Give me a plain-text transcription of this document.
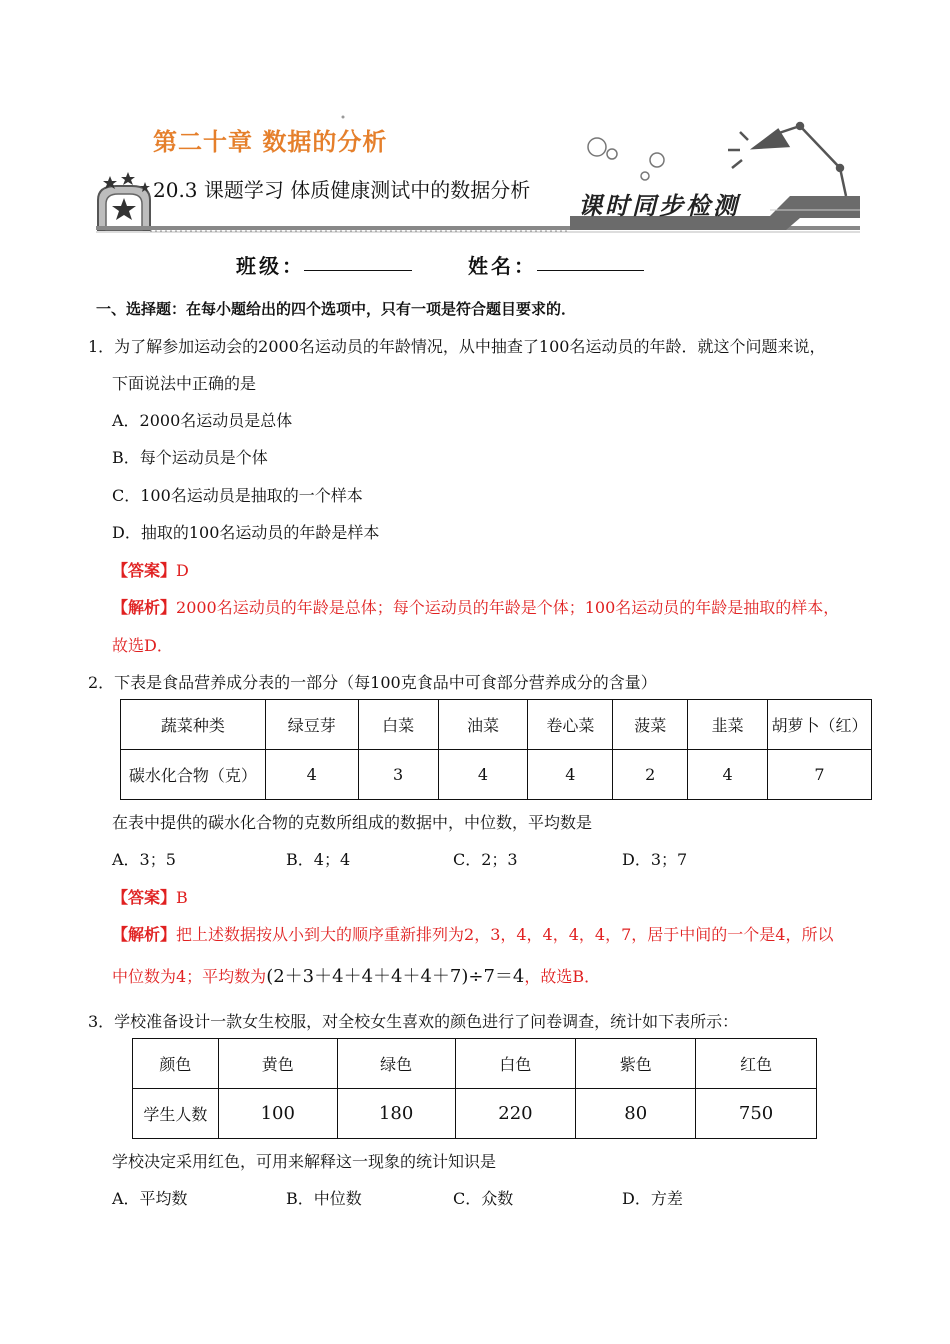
第二十章 数据的分析
20.3 课题学习 体质健康测试中的数据分析
课时同步检测
班级：	姓名：
一、选择题：在每小题给出的四个选项中，只有一项是符合题目要求的．
1．为了解参加运动会的2000名运动员的年龄情况，从中抽查了100名运动员的年龄．就这个问题来说，
下面说法中正确的是
A．2000名运动员是总体
B．每个运动员是个体
C．100名运动员是抽取的一个样本
D．抽取的100名运动员的年龄是样本
【答案】D
【解析】2000名运动员的年龄是总体；每个运动员的年龄是个体；100名运动员的年龄是抽取的样本，
故选D．
2．下表是食品营养成分表的一部分（每100克食品中可食部分营养成分的含量）
蔬菜种类	绿豆芽	白菜	油菜	卷心菜	菠菜	韭菜	胡萝卜（红）
碳水化合物（克）	4	3	4	4	2	4	7
在表中提供的碳水化合物的克数所组成的数据中，中位数，平均数是
A．3；5	B．4；4	C．2；3	D．3；7
【答案】B
【解析】把上述数据按从小到大的顺序重新排列为2，3，4，4，4，4，7，居于中间的一个是4，所以
中位数为4；平均数为(2＋3＋4＋4＋4＋4＋7)÷7＝4，故选B．
3．学校准备设计一款女生校服，对全校女生喜欢的颜色进行了问卷调查，统计如下表所示：
颜色	黄色	绿色	白色	紫色	红色
学生人数	100	180	220	80	750
学校决定采用红色，可用来解释这一现象的统计知识是
A．平均数	B．中位数	C．众数	D．方差
